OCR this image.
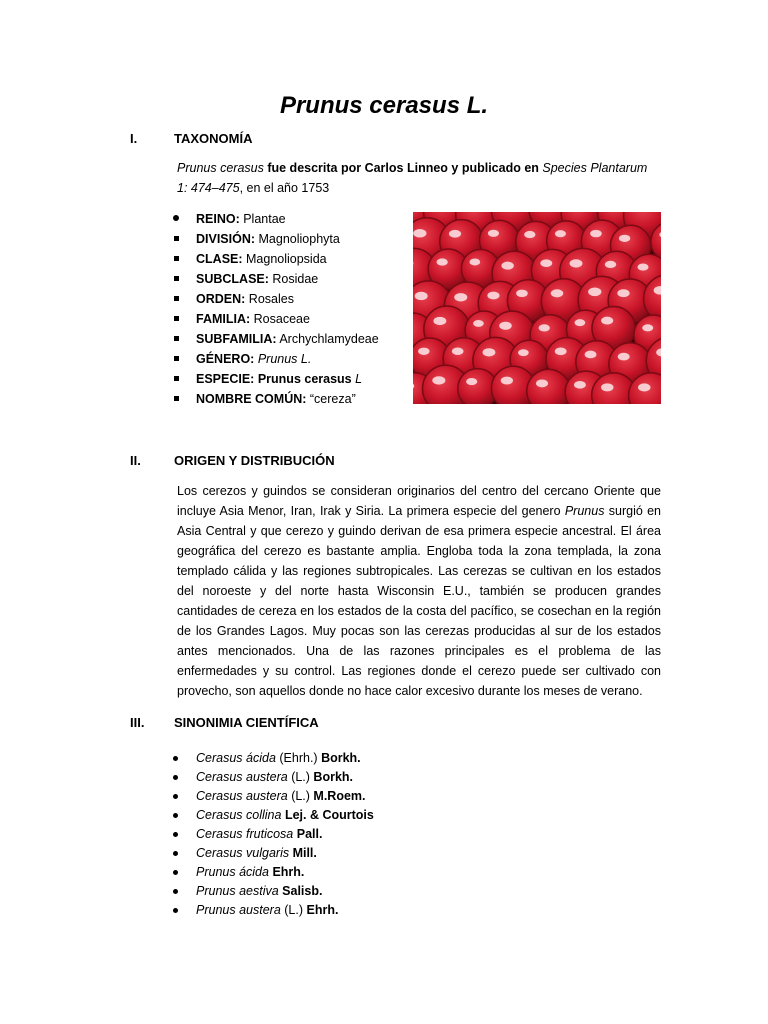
Prunus cerasus L.
I.	TAXONOMÍA
Prunus cerasus fue descrita por Carlos Linneo y publicado en Species Plantarum 1: 474–475, en el año 1753
REINO: Plantae
DIVISIÓN: Magnoliophyta
CLASE: Magnoliopsida
SUBCLASE: Rosidae
ORDEN: Rosales
FAMILIA: Rosaceae
SUBFAMILIA: Archychlamydeae
GÉNERO: Prunus L.
ESPECIE: Prunus cerasus L
NOMBRE COMÚN: “cereza”
II.	ORIGEN Y DISTRIBUCIÓN
Los cerezos y guindos se consideran originarios del centro del cercano Oriente que incluye Asia Menor, Iran, Irak y Siria. La primera especie del genero Prunus surgió en Asia Central y que cerezo y guindo derivan de esa primera especie ancestral. El área geográfica del cerezo es bastante amplia. Engloba toda la zona templada, la zona templado cálida y las regiones subtropicales. Las cerezas se cultivan en los estados del noroeste y del norte hasta Wisconsin E.U., también se producen grandes cantidades de cereza en los estados de la costa del pacífico, se cosechan en la región de los Grandes Lagos. Muy pocas son las cerezas producidas al sur de los estados antes mencionados. Una de las razones principales es el problema de las enfermedades y su control. Las regiones donde el cerezo puede ser cultivado con provecho, son aquellos donde no hace calor excesivo durante los meses de verano.
III. SINONIMIA CIENTÍFICA
Cerasus ácida (Ehrh.) Borkh.
Cerasus austera (L.) Borkh.
Cerasus austera (L.) M.Roem.
Cerasus collina Lej. & Courtois
Cerasus fruticosa Pall.
Cerasus vulgaris Mill.
Prunus ácida Ehrh.
Prunus aestiva Salisb.
Prunus austera (L.) Ehrh.
